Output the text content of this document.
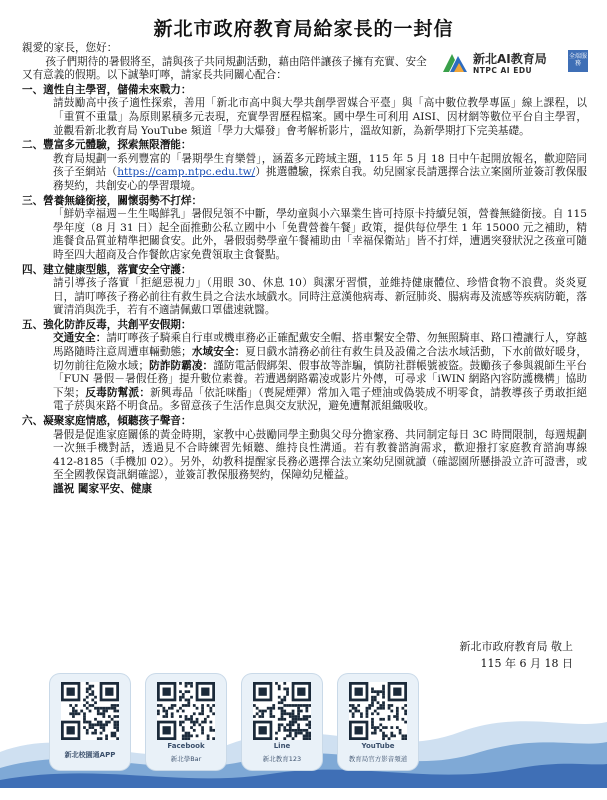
新北市政府教育局給家長的一封信
新北AI教育局
NTPC AI EDU
全端服務

親愛的家長，您好：

孩子們期待的暑假將至，請與孩子共同規劃活動，藉由陪伴讓孩子擁有充實、安全又有意義的假期。以下誠摯叮嚀，請家長共同關心配合：

一、適性自主學習，儲備未來戰力：

請鼓勵高中孩子適性探索，善用「新北市高中與大學共創學習媒合平臺」與「高中數位教學專區」線上課程，以「重質不重量」為原則累積多元表現，充實學習歷程檔案。國中學生可利用 AISI、因材網等數位平台自主學習，並觀看新北教育局 YouTube 頻道「學力大爆發」會考解析影片，溫故知新，為新學期打下完美基礎。

二、豐富多元體驗，探索無限潛能：

教育局規劃一系列豐富的「暑期學生育樂營」，涵蓋多元跨域主題，115 年 5 月 18 日中午起開放報名，歡迎陪同孩子至網站（https://camp.ntpc.edu.tw/）挑選體驗，探索自我。幼兒園家長請選擇合法立案園所並簽訂教保服務契約，共創安心的學習環境。

三、營養無縫銜接，關懷弱勢不打烊：

「鮮奶幸福週－生生喝鮮乳」暑假兒領不中斷，學幼童與小六畢業生皆可持原卡持續兒領，營養無縫銜接。自 115 學年度（8 月 31 日）起全面推動公私立國中小「免費營養午餐」政策，提供每位學生 1 年 15000 元之補助，精進餐食品質並精準把關食安。此外，暑假弱勢學童午餐補助由「幸福保衛站」皆不打烊，遭遇突發狀況之孩童可隨時至四大超商及合作餐飲店家免費領取主食餐點。

四、建立健康型態，落實安全守護：

請引導孩子落實「拒絕惡視力」（用眼 30、休息 10）與潔牙習慣，並維持健康體位、珍惜食物不浪費。炎炎夏日，請叮嚀孩子務必前往有救生員之合法水域戲水。同時注意漢他病毒、新冠肺炎、腸病毒及流感等疾病防範，落實清消與洗手，若有不適請佩戴口罩儘速就醫。

五、強化防詐反毒，共創平安假期：

交通安全：請叮嚀孩子騎乘自行車或機車務必正確配戴安全帽、搭車繫安全帶、勿無照騎車、路口禮讓行人，穿越馬路隨時注意周遭車輛動態；水域安全：夏日戲水請務必前往有救生員及設備之合法水域活動，下水前做好暖身，切勿前往危險水域；防詐防霸凌：謹防電話假綁架、假事故等詐騙，慎防社群帳號被盜。鼓勵孩子參與親師生平台「FUN 暑假－暑假任務」提升數位素養。若遭遇網路霸凌或影片外傳，可尋求「iWIN 網路內容防護機構」協助下架；反毒防幫派：新興毒品「依託咪酯」（喪屍煙彈）常加入電子煙油或偽裝成不明零食，請教導孩子勇敢拒絕電子菸與來路不明食品。多留意孩子生活作息與交友狀況，避免遭幫派組織吸收。

六、凝聚家庭情感，傾聽孩子聲音：

暑假是促進家庭關係的黃金時期，家教中心鼓勵同學主動與父母分擔家務、共同制定每日 3C 時間限制，每週規劃一次無手機對話，透過見不合時練習先傾聽、維持良性溝通。若有教養諮詢需求，歡迎撥打家庭教育諮詢專線 412-8185（手機加 02）。另外，幼教科提醒家長務必選擇合法立案幼兒園就讀（確認園所懸掛設立許可證書，或至全國教保資訊網確認），並簽訂教保服務契約，保障幼兒權益。

謹祝 闔家平安、健康

新北市政府教育局 敬上
115 年 6 月 18 日
新北校園通APP
Facebook
新北學Bar
Line
新北教育123
YouTube
教育局官方影音頻道
